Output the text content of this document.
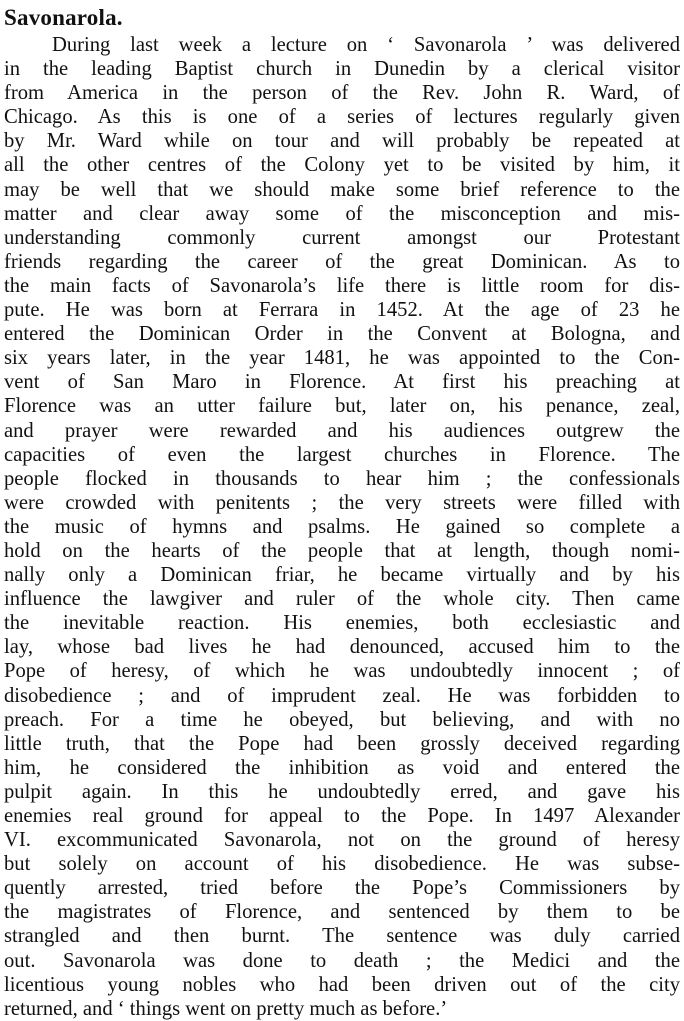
Savonarola.
During last week a lecture on ‘ Savonarola ’ was delivered
in the leading Baptist church in Dunedin by a clerical visitor
from America in the person of the Rev. John R. Ward, of
Chicago. As this is one of a series of lectures regularly given
by Mr. Ward while on tour and will probably be repeated at
all the other centres of the Colony yet to be visited by him, it
may be well that we should make some brief reference to the
matter and clear away some of the misconception and mis-
understanding commonly current amongst our Protestant
friends regarding the career of the great Dominican. As to
the main facts of Savonarola’s life there is little room for dis-
pute. He was born at Ferrara in 1452. At the age of 23 he
entered the Dominican Order in the Convent at Bologna, and
six years later, in the year 1481, he was appointed to the Con-
vent of San Maro in Florence. At first his preaching at
Florence was an utter failure but, later on, his penance, zeal,
and prayer were rewarded and his audiences outgrew the
capacities of even the largest churches in Florence. The
people flocked in thousands to hear him ; the confessionals
were crowded with penitents ; the very streets were filled with
the music of hymns and psalms. He gained so complete a
hold on the hearts of the people that at length, though nomi-
nally only a Dominican friar, he became virtually and by his
influence the lawgiver and ruler of the whole city. Then came
the inevitable reaction. His enemies, both ecclesiastic and
lay, whose bad lives he had denounced, accused him to the
Pope of heresy, of which he was undoubtedly innocent ; of
disobedience ; and of imprudent zeal. He was forbidden to
preach. For a time he obeyed, but believing, and with no
little truth, that the Pope had been grossly deceived regarding
him, he considered the inhibition as void and entered the
pulpit again. In this he undoubtedly erred, and gave his
enemies real ground for appeal to the Pope. In 1497 Alexander
VI. excommunicated Savonarola, not on the ground of heresy
but solely on account of his disobedience. He was subse-
quently arrested, tried before the Pope’s Commissioners by
the magistrates of Florence, and sentenced by them to be
strangled and then burnt. The sentence was duly carried
out. Savonarola was done to death ; the Medici and the
licentious young nobles who had been driven out of the city
returned, and ‘ things went on pretty much as before.’
